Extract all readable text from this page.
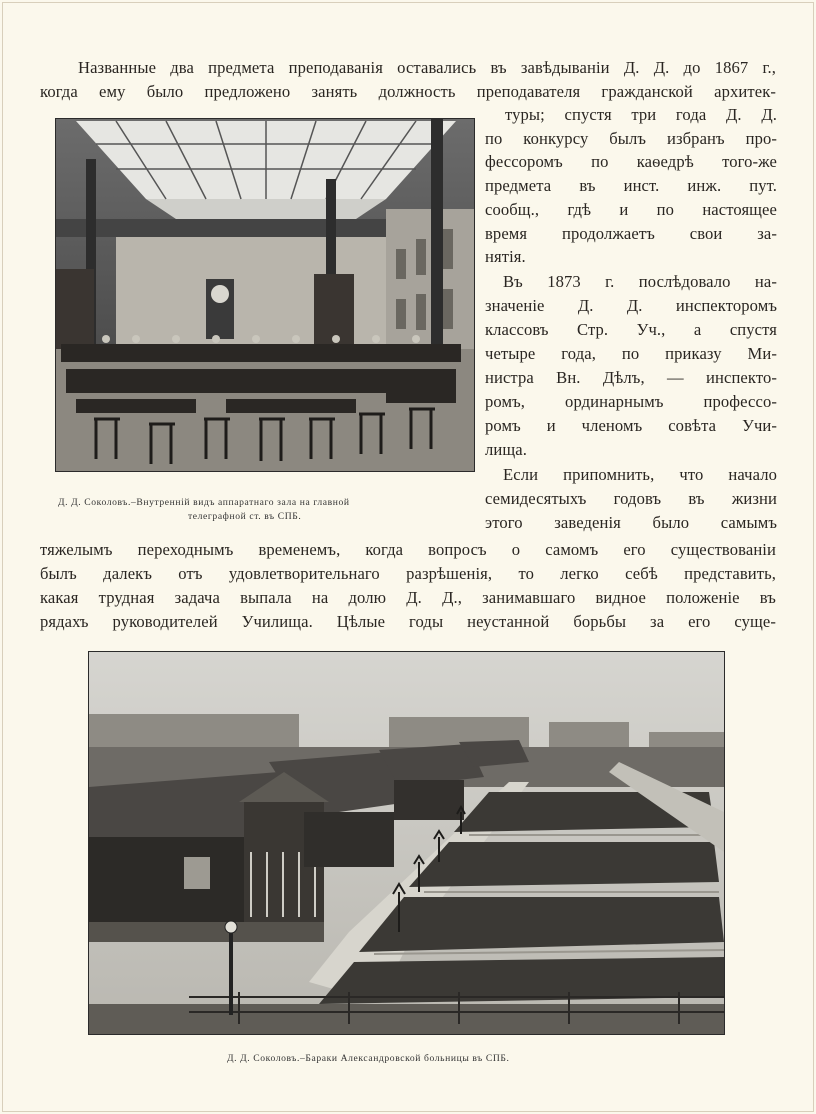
Названные два предмета преподаванія оставались въ завѣдываніи Д. Д. до 1867 г.,
когда ему было предложено занять должность преподавателя гражданской архитек-
Д. Д. Соколовъ.–Внутренній видъ аппаратнаго зала на главной
телеграфной ст. въ СПБ.
туры; спустя три года Д. Д.
по конкурсу былъ избранъ про-
фессоромъ по каѳедрѣ того-же
предмета въ инст. инж. пут.
сообщ., гдѣ и по настоящее
время продолжаетъ свои за-
нятія.
Въ 1873 г. послѣдовало на-
значеніе Д. Д. инспекторомъ
классовъ Стр. Уч., а спустя
четыре года, по приказу Ми-
нистра Вн. Дѣлъ, — инспекто-
ромъ, ординарнымъ профессо-
ромъ и членомъ совѣта Учи-
лища.
Если припомнить, что начало
семидесятыхъ годовъ въ жизни
этого заведенія было самымъ
тяжелымъ переходнымъ временемъ, когда вопросъ о самомъ его существованіи
былъ далекъ отъ удовлетворительнаго разрѣшенія, то легко себѣ представить,
какая трудная задача выпала на долю Д. Д., занимавшаго видное положеніе въ
рядахъ руководителей Училища. Цѣлые годы неустанной борьбы за его суще-
Д. Д. Соколовъ.–Бараки Александровской больницы въ СПБ.
